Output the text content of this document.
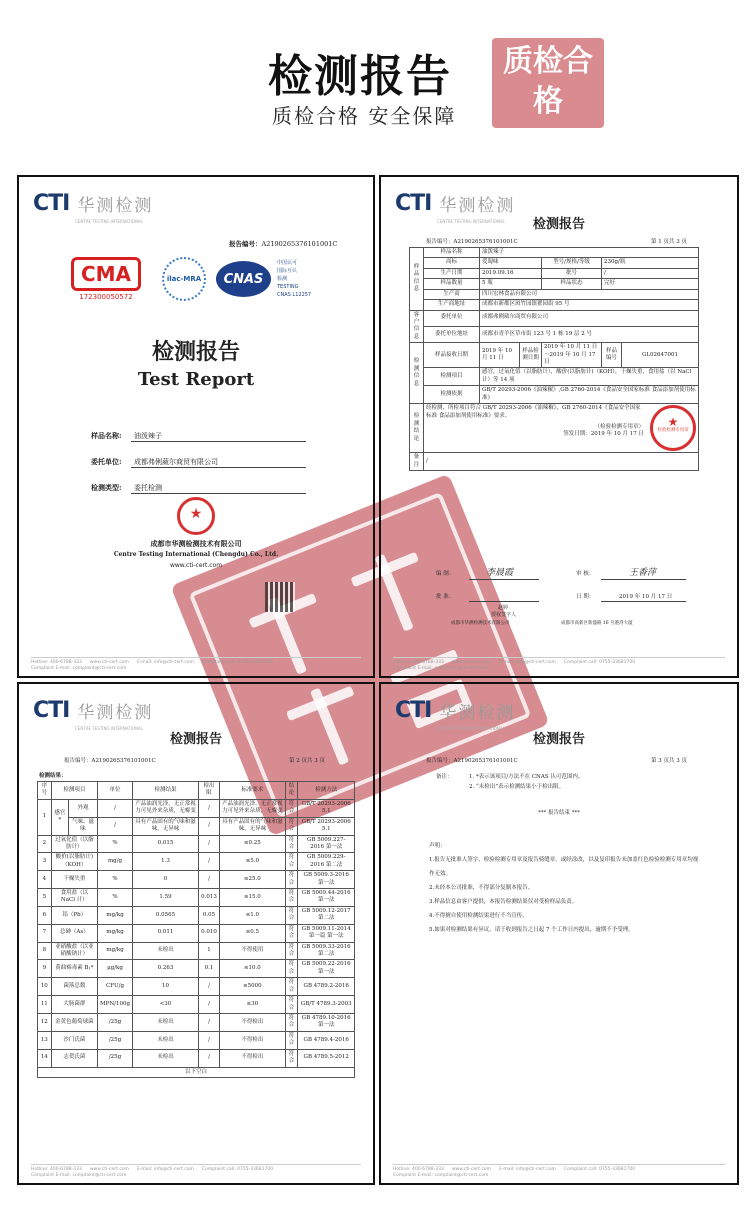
检测报告	质检合格
质检合格 安全保障
CTI 华测检测
CENTRE TESTING INTERNATIONAL
报告编号：A2190265376101001C
CMA
172300050572
ilac-MRA	CNAS
中国认可
国际互认
检测
TESTING
CNAS L12257
检测报告
Test Report
样品名称: 油泼辣子
委托单位: 成都弗俐葳尔商贸有限公司
检测类型: 委托检测
★
成都市华测检测技术有限公司
Centre Testing International (Chengdu) Co., Ltd.
www.cti-cert.com
Hotline: 400-6788-333 www.cti-cert.com E-mail: info@cti-cert.com Complaint call: 0755-33681700
Complaint E-mail: complaint@cti-cert.com
CTI 华测检测
CENTRE TESTING INTERNATIONAL	检测报告
报告编号：A2190265376101001C	第 1 页共 3 页
样品信息	样品名称	油泼辣子				
	商标	爱蜀味		型号/规格/等级	230g/瓶	
	生产日期	2019.09.16		批号	/	
	样品数量	5 瓶		样品状态	完好	
	生产商	四川宏林食品有限公司				
	生产商地址	成都市新都区斑竹园镇瞿园街 95 号				
客户信息	委托单位	成都弗俐葳尔商贸有限公司				
	委托单位地址	成都市青羊区草市街 123 号 1 栋 19 层 2 号				
检测信息	样品接收日期	2019 年 10 月 11 日	样品检测日期	2019 年 10 月 11 日～2019 年 10 月 17 日	样品编号	GL02647001
	检测项目	感官，过氧化值（以脂肪计），酸价(以脂肪计)（KOH），干燥失重，食用盐（以 NaCl 计）等 14 项				
	检测依据	GB/T 20293-2006《油辣椒》,GB 2760-2014《食品安全国家标准 食品添加剂使用标准》				
检测结论	经检测，所检项目符合 GB/T 20293-2006《油辣椒》，GB 2760-2014《食品安全国家标准 食品添加剂使用标准》要求。
（检验检测专用章）
签发日期：2019 年 10 月 17 日
★
检验检测专用章					

备注	/					
编 制：	李晨霞	审 核：	王香萍
批 准：	日 期：	2019 年 10 月 17 日
赵婷
授权签字人
成都市华测检测技术有限公司	成都市高新区新盛路 16 号港湾大厦
Hotline: 400-6788-333 www.cti-cert.com E-mail: info@cti-cert.com Complaint call: 0755-33681700
Complaint E-mail: complaint@cti-cert.com
CTI 华测检测
CENTRE TESTING INTERNATIONAL
检测报告
报告编号：A2190265376101001C	第 2 页共 3 页
检测结果：
序号	检测项目		单位	检测结果	检出限	标准要求	结论	检测方法
1	感官*	外观	/	产品油润光泽，无正常视力可见外来杂质，无霉变	/	产品油润光泽，无正常视力可见外来杂质，无霉变	符合	GB/T 20293-2006 5.1
		气味、滋味	/	具有产品固有的气味和滋味，无异味	/	具有产品固有的气味和滋味，无异味	符合	GB/T 20293-2006 5.1
2	过氧化值（以脂肪计）		%	0.015	/	≤0.25	符合	GB 5009.227-2016 第一法
3	酸价(以脂肪计)（KOH）		mg/g	1.3	/	≤5.0	符合	GB 5009.229-2016 第二法
4	干燥失重		%	0	/	≤25.0	符合	GB 5009.3-2016 第一法
5	食用盐（以 NaCl 计）		%	1.59	0.013	≤15.0	符合	GB 5009.44-2016 第一法
6	铅（Pb）		mg/kg	0.0565	0.05	≤1.0	符合	GB 5009.12-2017 第二法
7	总砷（As）		mg/kg	0.011	0.010	≤0.5	符合	GB 5009.11-2014 第一篇 第一法
8	亚硝酸盐（以亚硝酸钠计）		mg/kg	未检出	1	不得使用	符合	GB 5009.33-2016 第二法
9	黄曲霉毒素 B₁*		μg/kg	0.263	0.1	≤10.0	符合	GB 5009.22-2016 第一法
10	菌落总数		CFU/g	10	/	≤5000	符合	GB 4789.2-2016
11	大肠菌群		MPN/100g	<30	/	≤30	符合	GB/T 4789.3-2003
12	金黄色葡萄球菌		/25g	未检出	/	不得检出	符合	GB 4789.10-2016 第一法
13	沙门氏菌		/25g	未检出	/	不得检出	符合	GB 4789.4-2016
14	志贺氏菌		/25g	未检出	/	不得检出	符合	GB 4789.5-2012
以下空白								
Hotline: 400-6788-333 www.cti-cert.com E-mail: info@cti-cert.com Complaint call: 0755-33681700
Complaint E-mail: complaint@cti-cert.com
CTI 华测检测
CENTRE TESTING INTERNATIONAL
检测报告
报告编号：A2190265376101001C	第 3 页共 3 页
备注：	1. *表示该项目/方法不在 CNAS 认可范围内。
2. “未检出”表示检测结果小于检出限。
*** 报告结束 ***
声明：
1.报告无批准人签字、检验检测专用章及报告骑缝章，或经涂改，以及复印报告未加盖红色检验检测专用章均视作无效。
2.未经本公司批准，不得部分复制本报告。
3.样品信息由客户提供，本报告检测结果仅对受检样品负责。
4.不得擅自使用检测结果进行不当宣传。
5.如果对检测结果有异议，请于收到报告之日起 7 个工作日内提出，逾期不予受理。
Hotline: 400-6788-333 www.cti-cert.com E-mail: info@cti-cert.com Complaint call: 0755-33681700
Complaint E-mail: complaint@cti-cert.com
